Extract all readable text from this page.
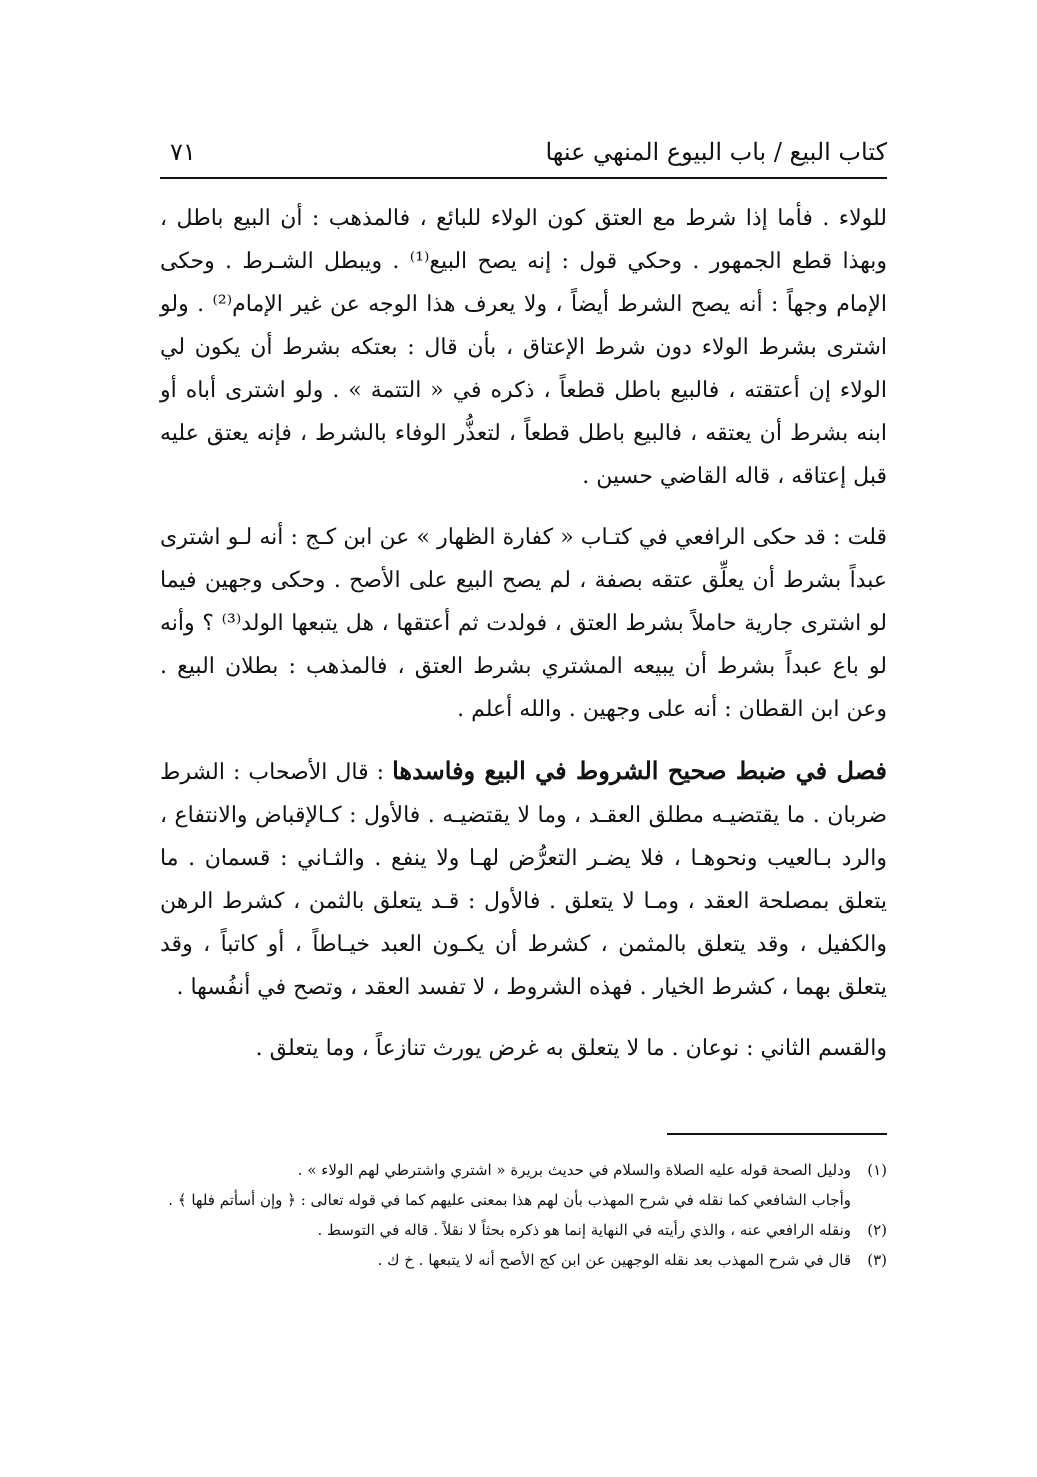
كتاب البيع / باب البيوع المنهي عنها
٧١

للولاء . فأما إذا شرط مع العتق كون الولاء للبائع ، فالمذهب : أن البيع باطل ، وبهذا قطع الجمهور . وحكي قول : إنه يصح البيع⁽¹⁾ . ويبطل الشـرط . وحكى الإمام وجهاً : أنه يصح الشرط أيضاً ، ولا يعرف هذا الوجه عن غير الإمام⁽²⁾ . ولو اشترى بشرط الولاء دون شرط الإعتاق ، بأن قال : بعتكه بشرط أن يكون لي الولاء إن أعتقته ، فالبيع باطل قطعاً ، ذكره في « التتمة » . ولو اشترى أباه أو ابنه بشرط أن يعتقه ، فالبيع باطل قطعاً ، لتعذُّر الوفاء بالشرط ، فإنه يعتق عليه قبل إعتاقه ، قاله القاضي حسين .

قلت : قد حكى الرافعي في كتـاب « كفارة الظهار » عن ابن كـج : أنه لـو اشترى عبداً بشرط أن يعلِّق عتقه بصفة ، لم يصح البيع على الأصح . وحكى وجهين فيما لو اشترى جارية حاملاً بشرط العتق ، فولدت ثم أعتقها ، هل يتبعها الولد⁽³⁾ ؟ وأنه لو باع عبداً بشرط أن يبيعه المشتري بشرط العتق ، فالمذهب : بطلان البيع . وعن ابن القطان : أنه على وجهين . والله أعلم .

فصل في ضبط صحيح الشروط في البيع وفاسدها : قال الأصحاب : الشرط ضربان . ما يقتضيـه مطلق العقـد ، وما لا يقتضيـه . فالأول : كـالإقباض والانتفاع ، والرد بـالعيب ونحوهـا ، فلا يضـر التعرُّض لهـا ولا ينفع . والثـاني : قسمان . ما يتعلق بمصلحة العقد ، ومـا لا يتعلق . فالأول : قـد يتعلق بالثمن ، كشرط الرهن والكفيل ، وقد يتعلق بالمثمن ، كشرط أن يكـون العبد خيـاطاً ، أو كاتباً ، وقد يتعلق بهما ، كشرط الخيار . فهذه الشروط ، لا تفسد العقد ، وتصح في أنفُسها .

والقسم الثاني : نوعان . ما لا يتعلق به غرض يورث تنازعاً ، وما يتعلق .

(١)ودليل الصحة قوله عليه الصلاة والسلام في حديث بريرة « اشتري واشترطي لهم الولاء » .

وأجاب الشافعي كما نقله في شرح المهذب بأن لهم هذا بمعنى عليهم كما في قوله تعالى : ﴿ وإن أسأتم فلها ﴾ .

(٢)ونقله الرافعي عنه ، والذي رأيته في النهاية إنما هو ذكره بحثاً لا نقلاً . قاله في التوسط .

(٣)قال في شرح المهذب بعد نقله الوجهين عن ابن كج الأصح أنه لا يتبعها . خ ك .
